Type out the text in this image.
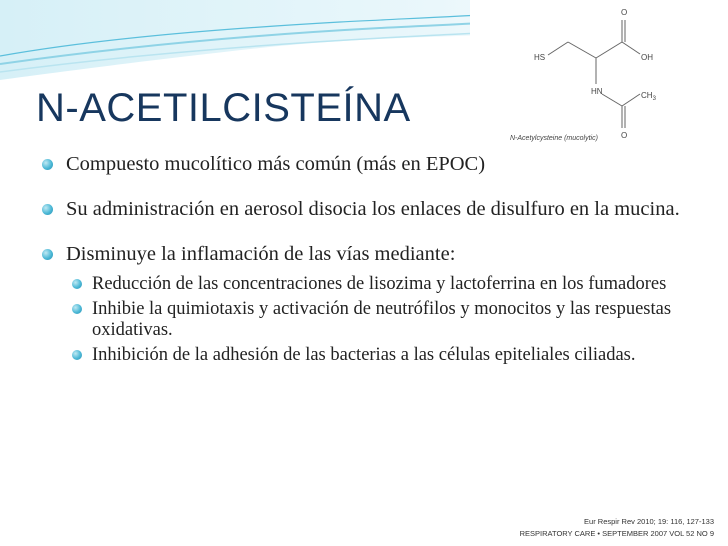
O
HS	OH
HN	$CH_3$
O
N-Acetylcysteine (mucolytic)
N-ACETILCISTEÍNA
Compuesto mucolítico más común (más en EPOC)
Su administración en aerosol disocia los enlaces de disulfuro en la mucina.
Disminuye la inflamación de las vías mediante:
Reducción de las concentraciones de lisozima y lactoferrina en los fumadores
Inhibie la quimiotaxis y activación de neutrófilos y monocitos y las respuestas oxidativas.
Inhibición de la adhesión de las bacterias a las células epiteliales ciliadas.
Eur Respir Rev 2010; 19: 116, 127-133
RESPIRATORY CARE • SEPTEMBER 2007 VOL 52 NO 9
